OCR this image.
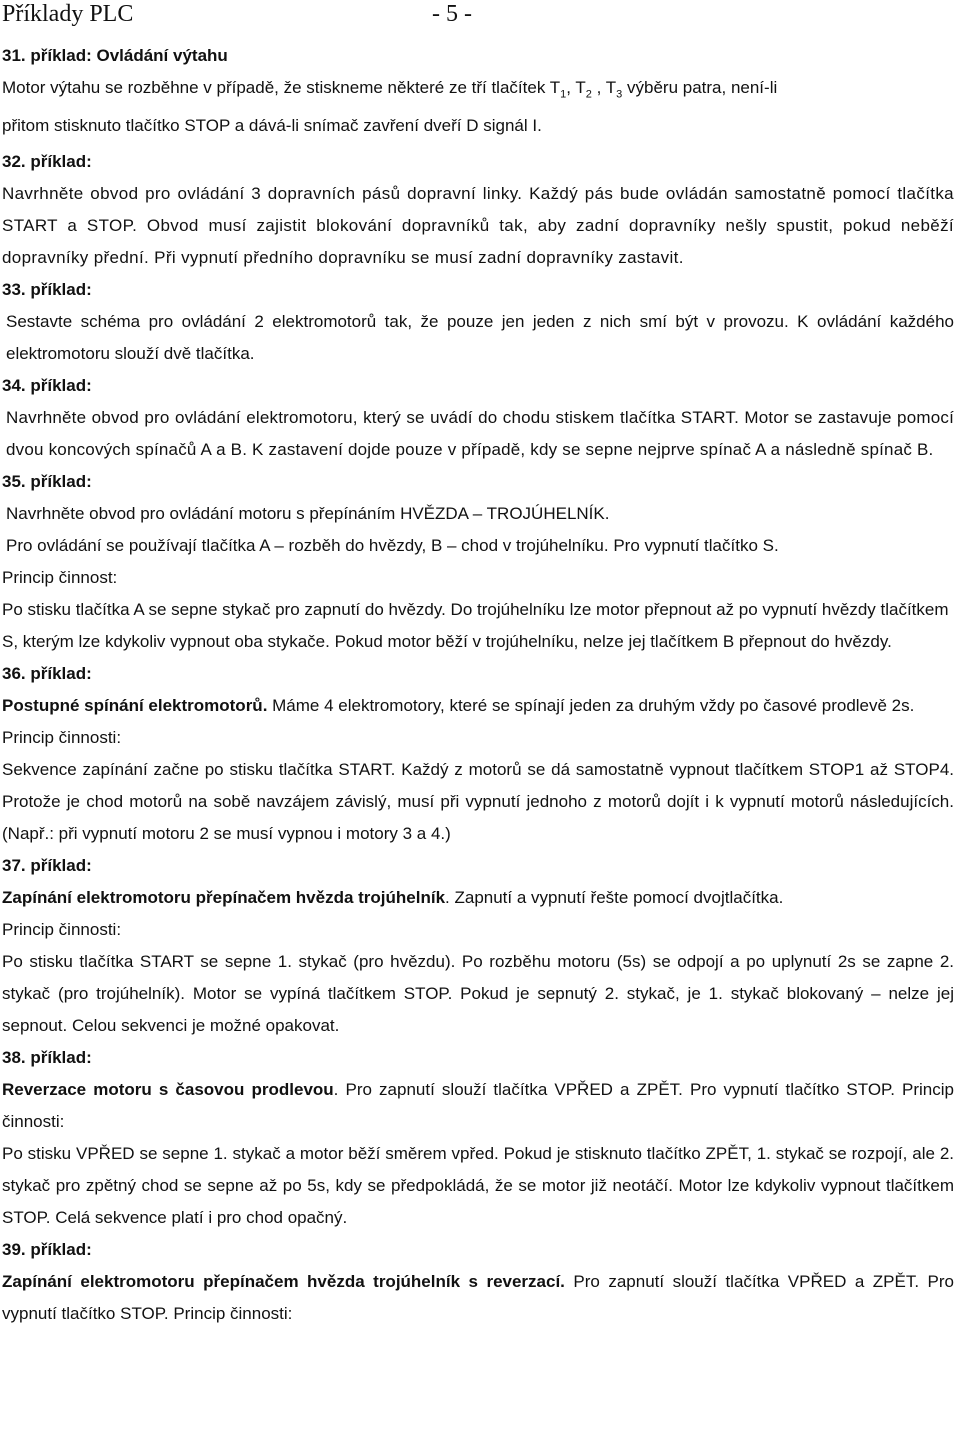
Příklady PLC	- 5 -
31. příklad: Ovládání výtahu

Motor výtahu se rozběhne v případě, že stiskneme některé ze tří tlačítek $T_1$, $T_2$ , $T_3$ výběru patra, není-li

přitom stisknuto tlačítko STOP a dává-li snímač zavření dveří D signál I.

32. příklad:

Navrhněte obvod pro ovládání 3 dopravních pásů dopravní linky. Každý pás bude ovládán samostatně pomocí tlačítka START a STOP. Obvod musí zajistit blokování dopravníků tak, aby zadní dopravníky nešly spustit, pokud neběží dopravníky přední. Při vypnutí předního dopravníku se musí zadní dopravníky zastavit.

33. příklad:

Sestavte schéma pro ovládání 2 elektromotorů tak, že pouze jen jeden z nich smí být v provozu. K ovládání každého elektromotoru slouží dvě tlačítka.

34. příklad:

Navrhněte obvod pro ovládání elektromotoru, který se uvádí do chodu stiskem tlačítka START. Motor se zastavuje pomocí dvou koncových spínačů A a B. K zastavení dojde pouze v případě, kdy se sepne nejprve spínač A a následně spínač B.

35. příklad:

Navrhněte obvod pro ovládání motoru s přepínáním HVĚZDA – TROJÚHELNÍK.

Pro ovládání se používají tlačítka A – rozběh do hvězdy, B – chod v trojúhelníku. Pro vypnutí tlačítko S.

Princip činnost:

Po stisku tlačítka A se sepne stykač pro zapnutí do hvězdy. Do trojúhelníku lze motor přepnout až po vypnutí hvězdy tlačítkem S, kterým lze kdykoliv vypnout oba stykače. Pokud motor běží v trojúhelníku, nelze jej tlačítkem B přepnout do hvězdy.

36. příklad:

Postupné spínání elektromotorů. Máme 4 elektromotory, které se spínají jeden za druhým vždy po časové prodlevě 2s. Princip činnosti:

Sekvence zapínání začne po stisku tlačítka START. Každý z motorů se dá samostatně vypnout tlačítkem STOP1 až STOP4. Protože je chod motorů na sobě navzájem závislý, musí při vypnutí jednoho z motorů dojít i k vypnutí motorů následujících. (Např.: při vypnutí motoru 2 se musí vypnou i motory 3 a 4.)

37. příklad:

Zapínání elektromotoru přepínačem hvězda trojúhelník. Zapnutí a vypnutí řešte pomocí dvojtlačítka.

Princip činnosti:

Po stisku tlačítka START se sepne 1. stykač (pro hvězdu). Po rozběhu motoru (5s) se odpojí a po uplynutí 2s se zapne 2. stykač (pro trojúhelník). Motor se vypíná tlačítkem STOP. Pokud je sepnutý 2. stykač, je 1. stykač blokovaný – nelze jej sepnout. Celou sekvenci je možné opakovat.

38. příklad:

Reverzace motoru s časovou prodlevou. Pro zapnutí slouží tlačítka VPŘED a ZPĚT. Pro vypnutí tlačítko STOP. Princip činnosti:

Po stisku VPŘED se sepne 1. stykač a motor běží směrem vpřed. Pokud je stisknuto tlačítko ZPĚT, 1. stykač se rozpojí, ale 2. stykač pro zpětný chod se sepne až po 5s, kdy se předpokládá, že se motor již neotáčí. Motor lze kdykoliv vypnout tlačítkem STOP. Celá sekvence platí i pro chod opačný.

39. příklad:

Zapínání elektromotoru přepínačem hvězda trojúhelník s reverzací. Pro zapnutí slouží tlačítka VPŘED a ZPĚT. Pro vypnutí tlačítko STOP. Princip činnosti:
